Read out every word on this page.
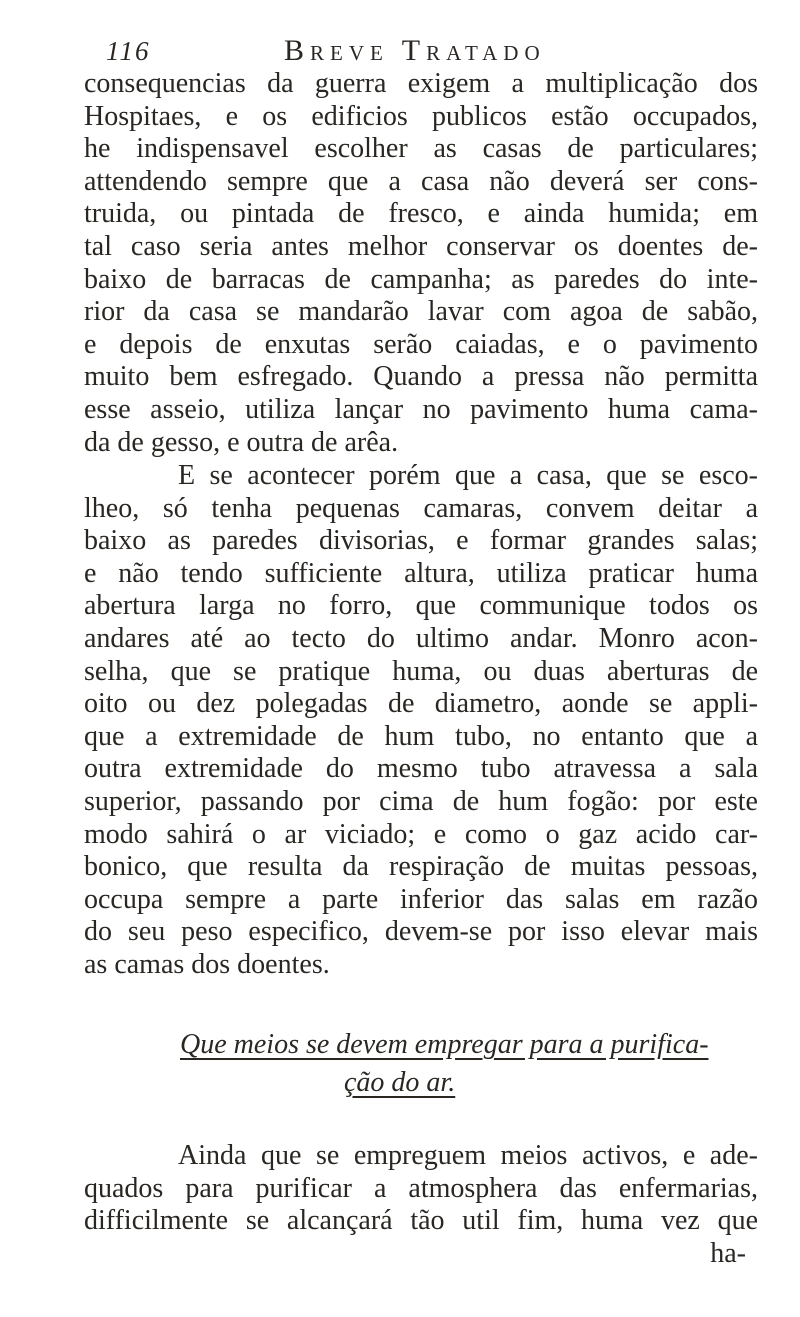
116	Breve Tratado
consequencias da guerra exigem a multiplicação dos
Hospitaes, e os edificios publicos estão occupados,
he indispensavel escolher as casas de particulares;
attendendo sempre que a casa não deverá ser cons-
truida, ou pintada de fresco, e ainda humida; em
tal caso seria antes melhor conservar os doentes de-
baixo de barracas de campanha; as paredes do inte-
rior da casa se mandarão lavar com agoa de sabão,
e depois de enxutas serão caiadas, e o pavimento
muito bem esfregado. Quando a pressa não permitta
esse asseio, utiliza lançar no pavimento huma cama-
da de gesso, e outra de arêa.
E se acontecer porém que a casa, que se esco-
lheo, só tenha pequenas camaras, convem deitar a
baixo as paredes divisorias, e formar grandes salas;
e não tendo sufficiente altura, utiliza praticar huma
abertura larga no forro, que communique todos os
andares até ao tecto do ultimo andar. Monro acon-
selha, que se pratique huma, ou duas aberturas de
oito ou dez polegadas de diametro, aonde se appli-
que a extremidade de hum tubo, no entanto que a
outra extremidade do mesmo tubo atravessa a sala
superior, passando por cima de hum fogão: por este
modo sahirá o ar viciado; e como o gaz acido car-
bonico, que resulta da respiração de muitas pessoas,
occupa sempre a parte inferior das salas em razão
do seu peso especifico, devem-se por isso elevar mais
as camas dos doentes.
Que meios se devem empregar para a purifica-
ção do ar.
Ainda que se empreguem meios activos, e ade-
quados para purificar a atmosphera das enfermarias,
difficilmente se alcançará tão util fim, huma vez que
ha-
